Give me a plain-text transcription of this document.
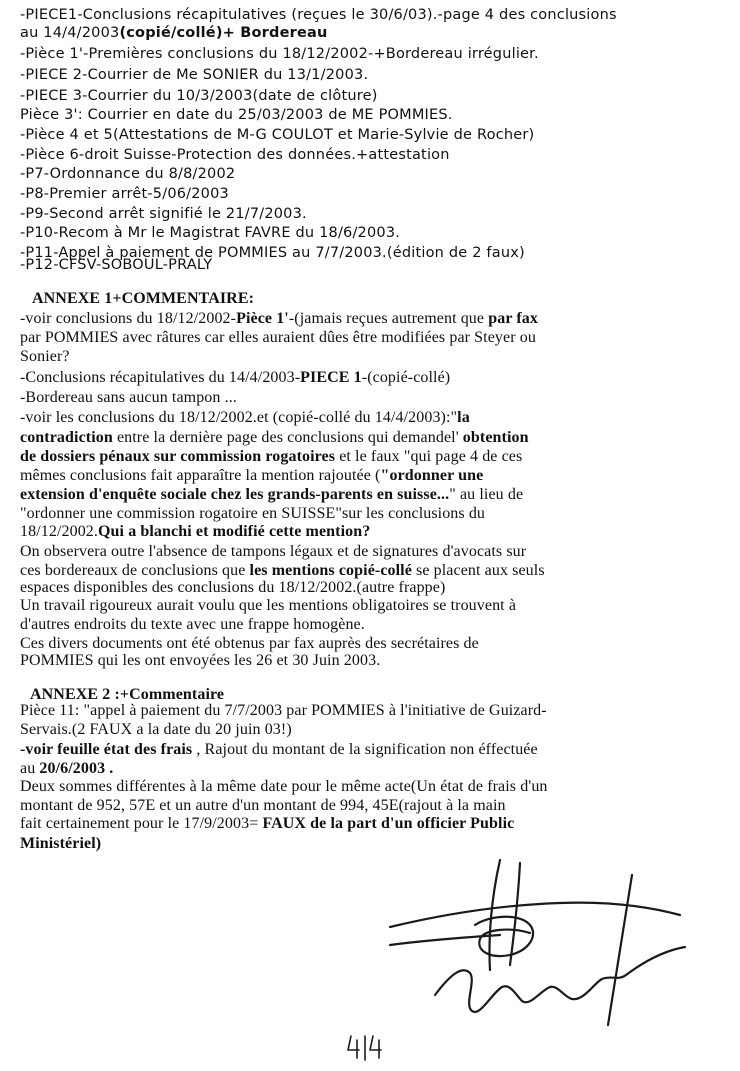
-PIECE1-Conclusions récapitulatives (reçues le 30/6/03).-page 4 des conclusions
au 14/4/2003(copié/collé)+ Bordereau
-Pièce 1'-Premières conclusions du 18/12/2002-+Bordereau irrégulier.
-PIECE 2-Courrier de Me SONIER du 13/1/2003.
-PIECE 3-Courrier du 10/3/2003(date de clôture)
Pièce 3': Courrier en date du 25/03/2003 de ME POMMIES.
-Pièce 4 et 5(Attestations de M-G COULOT et Marie-Sylvie de Rocher)
-Pièce 6-droit Suisse-Protection des données.+attestation
-P7-Ordonnance du 8/8/2002
-P8-Premier arrêt-5/06/2003
-P9-Second arrêt signifié le 21/7/2003.
-P10-Recom à Mr le Magistrat FAVRE du 18/6/2003.
-P11-Appel à paiement de POMMIES au 7/7/2003.(édition de 2 faux)
-P12-CFSV-SOBOUL-PRALY
ANNEXE 1+COMMENTAIRE:
-voir conclusions du 18/12/2002-Pièce 1'-(jamais reçues autrement que par fax
par POMMIES avec râtures car elles auraient dûes être modifiées par Steyer ou
Sonier?
-Conclusions récapitulatives du 14/4/2003-PIECE 1-(copié-collé)
-Bordereau sans aucun tampon ...
-voir les conclusions du 18/12/2002.et (copié-collé du 14/4/2003):"la
contradiction entre la dernière page des conclusions qui demandel' obtention
de dossiers pénaux sur commission rogatoires et le faux "qui page 4 de ces
mêmes conclusions fait apparaître la mention rajoutée ("ordonner une
extension d'enquête sociale chez les grands-parents en suisse..." au lieu de
"ordonner une commission rogatoire en SUISSE"sur les conclusions du
18/12/2002.Qui a blanchi et modifié cette mention?
On observera outre l'absence de tampons légaux et de signatures d'avocats sur
ces bordereaux de conclusions que les mentions copié-collé se placent aux seuls
espaces disponibles des conclusions du 18/12/2002.(autre frappe)
Un travail rigoureux aurait voulu que les mentions obligatoires se trouvent à
d'autres endroits du texte avec une frappe homogène.
Ces divers documents ont été obtenus par fax auprès des secrétaires de
POMMIES qui les ont envoyées les 26 et 30 Juin 2003.
ANNEXE 2 :+Commentaire
Pièce 11: "appel à paiement du 7/7/2003 par POMMIES à l'initiative de Guizard-
Servais.(2 FAUX a la date du 20 juin 03!)
-voir feuille état des frais , Rajout du montant de la signification non éffectuée
au 20/6/2003 .
Deux sommes différentes à la même date pour le même acte(Un état de frais d'un
montant de 952, 57E et un autre d'un montant de 994, 45E(rajout à la main
fait certainement pour le 17/9/2003= FAUX de la part d'un officier Public
Ministériel)
